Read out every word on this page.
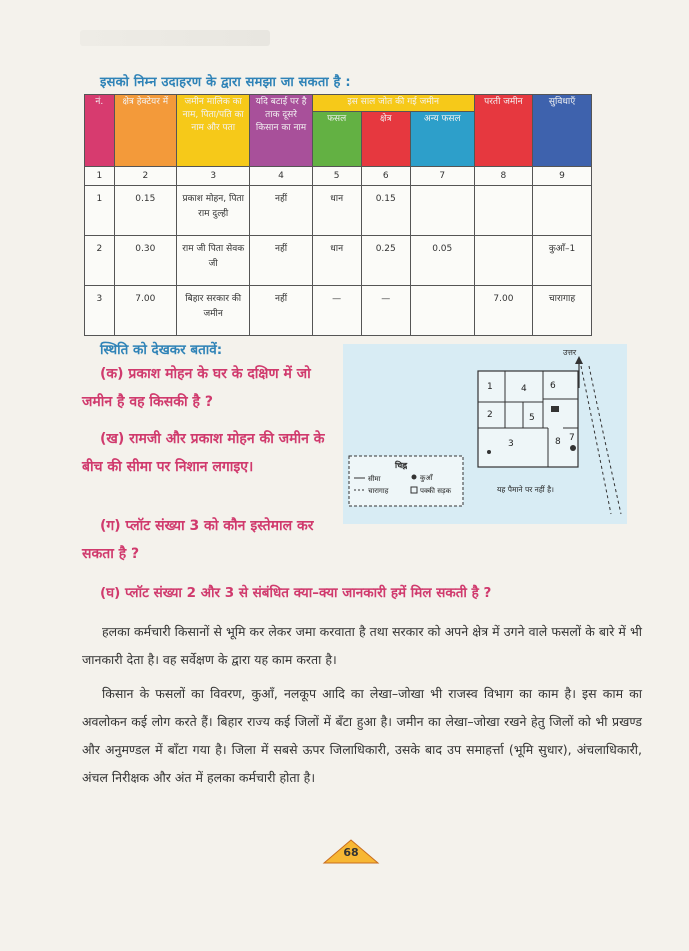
इसको निम्न उदाहरण के द्वारा समझा जा सकता है :
नं.	क्षेत्र हेक्टेयर में	जमीन मालिक का नाम, पिता/पति का नाम और पता	यदि बटाई पर है ताक दूसरे किसान का नाम	इस साल जोत की गई जमीन			परती जमीन	सुविधाएँ
				फसल	क्षेत्र	अन्य फसल		
1	2	3	4	5	6	7	8	9
1	0.15	प्रकाश मोहन, पिता राम दुल्ही	नहीं	धान	0.15			
2	0.30	राम जी पिता सेवक जी	नहीं	धान	0.25	0.05		कुआँ–1
3	7.00	बिहार सरकार की जमीन	नहीं	—	—		7.00	चारागाह
स्थिति को देखकर बतावें:
(क) प्रकाश मोहन के घर के दक्षिण में जो जमीन है वह किसकी है ?
(ख) रामजी और प्रकाश मोहन की जमीन के बीच की सीमा पर निशान लगाइए।
(ग) प्लॉट संख्या 3 को कौन इस्तेमाल कर सकता है ?
(घ) प्लॉट संख्या 2 और 3 से संबंधित क्या–क्या जानकारी हमें मिल सकती है ?
उत्तर
1
2
3
4
5
6
7
8
चिह्न
सीमा
चारागाह
कुआँ
पक्की सड़क	यह पैमाने पर नहीं है।
हलका कर्मचारी किसानों से भूमि कर लेकर जमा करवाता है तथा सरकार को अपने क्षेत्र में उगने वाले फसलों के बारे में भी जानकारी देता है। वह सर्वेक्षण के द्वारा यह काम करता है।
किसान के फसलों का विवरण, कुआँ, नलकूप आदि का लेखा–जोखा भी राजस्व विभाग का काम है। इस काम का अवलोकन कई लोग करते हैं। बिहार राज्य कई जिलों में बँटा हुआ है। जमीन का लेखा–जोखा रखने हेतु जिलों को भी प्रखण्ड और अनुमण्डल में बाँटा गया है। जिला में सबसे ऊपर जिलाधिकारी, उसके बाद उप समाहर्त्ता (भूमि सुधार), अंचलाधिकारी, अंचल निरीक्षक और अंत में हलका कर्मचारी होता है।
68
